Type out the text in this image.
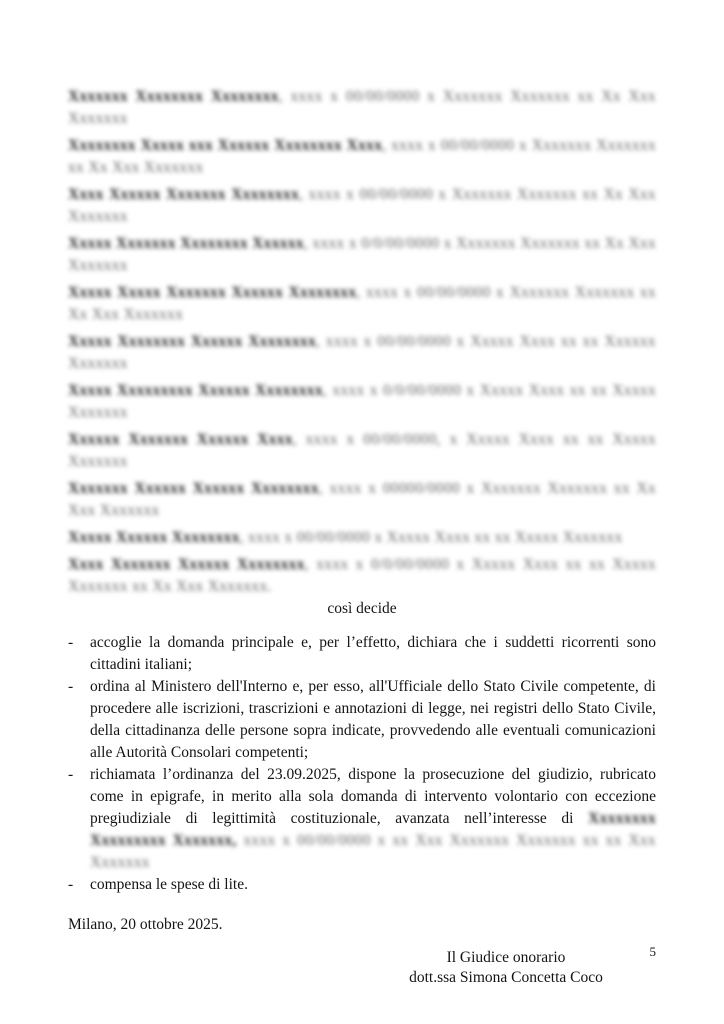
Xxxxxxx Xxxxxxxx Xxxxxxxx, xxxx x 00/00/0000 x Xxxxxxx Xxxxxxx xx Xx Xxx Xxxxxxx
Xxxxxxxx Xxxxx xxx Xxxxxx Xxxxxxxx Xxxx, xxxx x 00/00/0000 x Xxxxxxx Xxxxxxx xx Xx Xxx Xxxxxxx
Xxxx Xxxxxx Xxxxxxx Xxxxxxxx, xxxx x 00/00/0000 x Xxxxxxx Xxxxxxx xx Xx Xxx Xxxxxxx
Xxxxx Xxxxxxx Xxxxxxxx Xxxxxx, xxxx x 0/0/00/0000 x Xxxxxxx Xxxxxxx xx Xx Xxx Xxxxxxx
Xxxxx Xxxxx Xxxxxxx Xxxxxx Xxxxxxxx, xxxx x 00/00/0000 x Xxxxxxx Xxxxxxx xx Xx Xxx Xxxxxxx
Xxxxx Xxxxxxxx Xxxxxx Xxxxxxxx, xxxx x 00/00/0000 x Xxxxx Xxxx xx xx Xxxxxx Xxxxxxx
Xxxxx Xxxxxxxxx Xxxxxx Xxxxxxxx, xxxx x 0/0/00/0000 x Xxxxx Xxxx xx xx Xxxxx Xxxxxxx
Xxxxxx Xxxxxxx Xxxxxx Xxxx, xxxx x 00/00/0000, x Xxxxx Xxxx xx xx Xxxxx Xxxxxxx
Xxxxxxx Xxxxxx Xxxxxx Xxxxxxxx, xxxx x 00000/0000 x Xxxxxxx Xxxxxxx xx Xx Xxx Xxxxxxx
Xxxxx Xxxxxx Xxxxxxxx, xxxx x 00/00/0000 x Xxxxx Xxxx xx xx Xxxxx Xxxxxxx
Xxxx Xxxxxxx Xxxxxx Xxxxxxxx, xxxx x 0/0/00/0000 x Xxxxx Xxxx xx xx Xxxxx Xxxxxxx xx Xx Xxx Xxxxxxx.
così decide
- accoglie la domanda principale e, per l’effetto, dichiara che i suddetti ricorrenti sono cittadini italiani;
- ordina al Ministero dell'Interno e, per esso, all'Ufficiale dello Stato Civile competente, di procedere alle iscrizioni, trascrizioni e annotazioni di legge, nei registri dello Stato Civile, della cittadinanza delle persone sopra indicate, provvedendo alle eventuali comunicazioni alle Autorità Consolari competenti;
- richiamata l’ordinanza del 23.09.2025, dispone la prosecuzione del giudizio, rubricato come in epigrafe, in merito alla sola domanda di intervento volontario con eccezione pregiudiziale di legittimità costituzionale, avanzata nell’interesse di Xxxxxxxx Xxxxxxxxx Xxxxxxx, xxxx x 00/00/0000 x xx Xxx Xxxxxxx Xxxxxxx xx xx Xxx Xxxxxxx
- compensa le spese di lite.
Milano, 20 ottobre 2025.
Il Giudice onorario
dott.ssa Simona Concetta Coco
5
